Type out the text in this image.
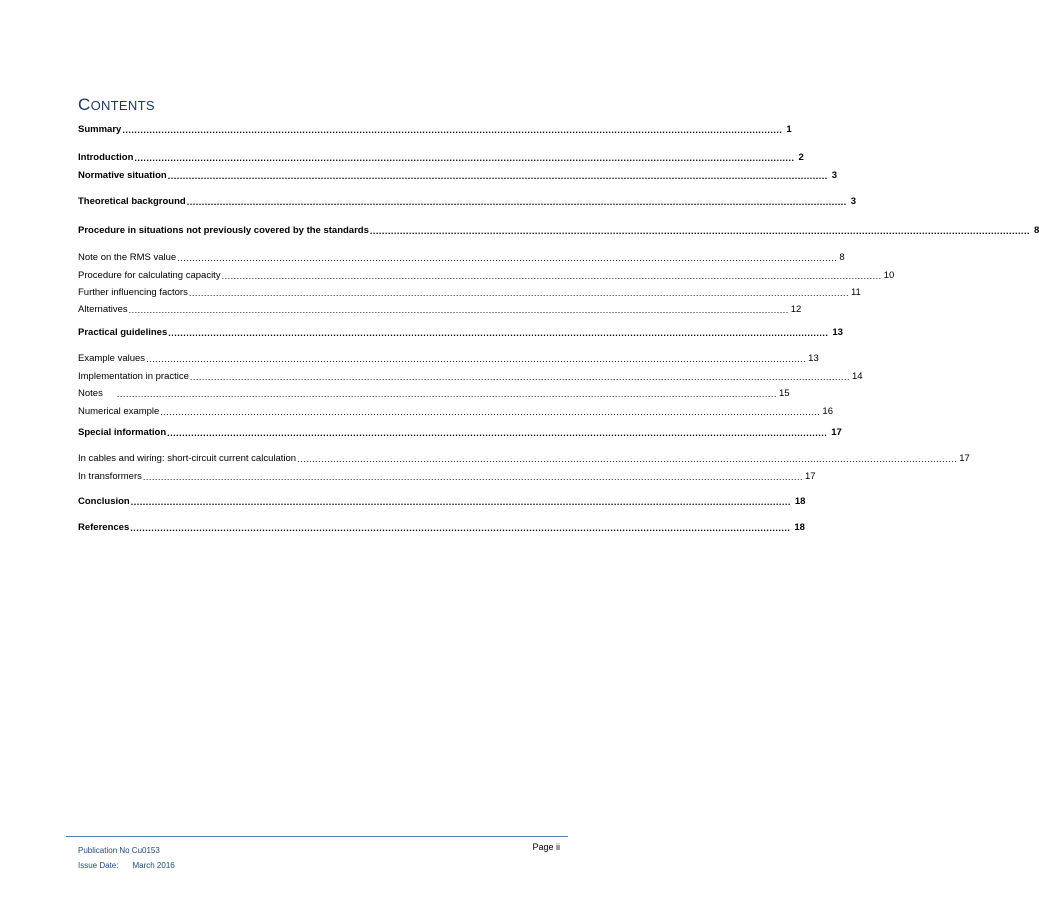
CONTENTS
Summary ............................................................................................................................................................................................................................ 1
Introduction ............................................................................................................................................................................................................................ 2
Normative situation ............................................................................................................................................................................................................................ 3
Theoretical background ............................................................................................................................................................................................................................ 3
Procedure in situations not previously covered by the standards ............................................................................................................................................................................................................................ 8
Note on the RMS value ............................................................................................................................................................................................................................ 8
Procedure for calculating capacity ............................................................................................................................................................................................................................ 10
Further influencing factors ............................................................................................................................................................................................................................ 11
Alternatives ............................................................................................................................................................................................................................ 12
Practical guidelines ............................................................................................................................................................................................................................ 13
Example values ............................................................................................................................................................................................................................ 13
Implementation in practice ............................................................................................................................................................................................................................ 14
Notes	............................................................................................................................................................................................................................ 15
Numerical example ............................................................................................................................................................................................................................ 16
Special information ............................................................................................................................................................................................................................ 17
In cables and wiring: short-circuit current calculation ............................................................................................................................................................................................................................ 17
In transformers ............................................................................................................................................................................................................................ 17
Conclusion ............................................................................................................................................................................................................................ 18
References ............................................................................................................................................................................................................................ 18
Publication No Cu0153
Issue Date: March 2016
Page ii
